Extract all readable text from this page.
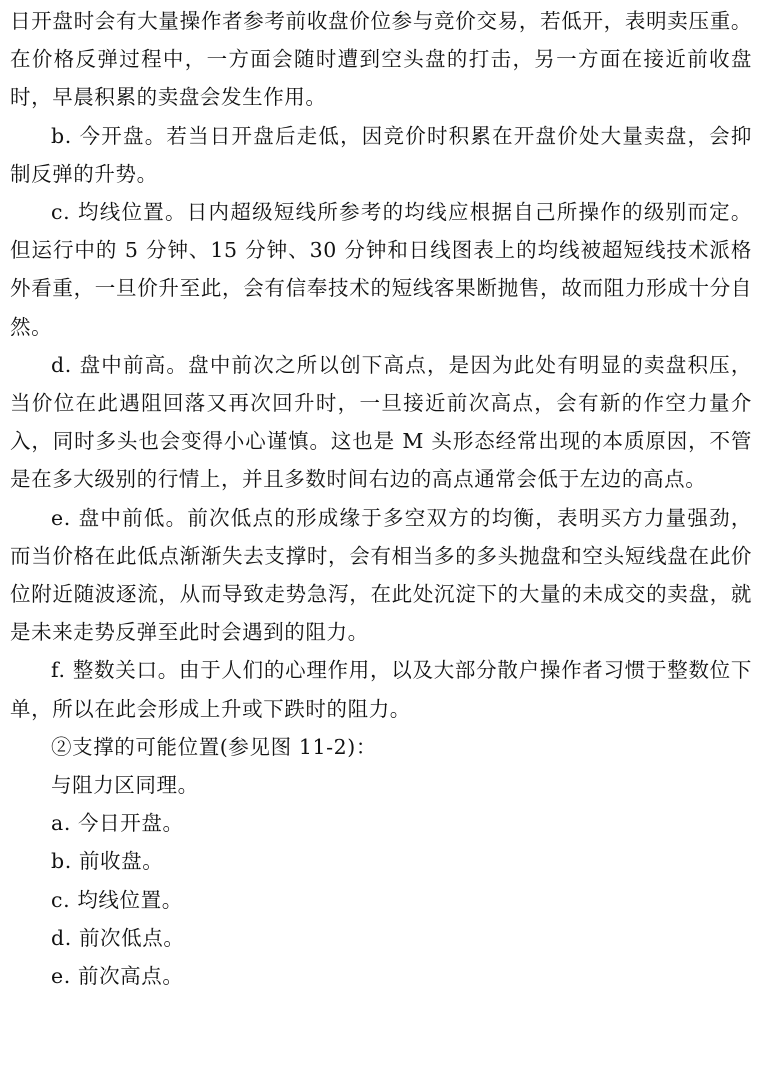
日开盘时会有大量操作者参考前收盘价位参与竞价交易，若低开，表明卖压重。在价格反弹过程中，一方面会随时遭到空头盘的打击，另一方面在接近前收盘时，早晨积累的卖盘会发生作用。

b. 今开盘。若当日开盘后走低，因竞价时积累在开盘价处大量卖盘，会抑制反弹的升势。

c. 均线位置。日内超级短线所参考的均线应根据自己所操作的级别而定。但运行中的 5 分钟、15 分钟、30 分钟和日线图表上的均线被超短线技术派格外看重，一旦价升至此，会有信奉技术的短线客果断抛售，故而阻力形成十分自然。

d. 盘中前高。盘中前次之所以创下高点，是因为此处有明显的卖盘积压，当价位在此遇阻回落又再次回升时，一旦接近前次高点，会有新的作空力量介入，同时多头也会变得小心谨慎。这也是 M 头形态经常出现的本质原因，不管是在多大级别的行情上，并且多数时间右边的高点通常会低于左边的高点。

e. 盘中前低。前次低点的形成缘于多空双方的均衡，表明买方力量强劲，而当价格在此低点渐渐失去支撑时，会有相当多的多头抛盘和空头短线盘在此价位附近随波逐流，从而导致走势急泻，在此处沉淀下的大量的未成交的卖盘，就是未来走势反弹至此时会遇到的阻力。

f. 整数关口。由于人们的心理作用，以及大部分散户操作者习惯于整数位下单，所以在此会形成上升或下跌时的阻力。

②支撑的可能位置(参见图 11-2)：

与阻力区同理。

a. 今日开盘。

b. 前收盘。

c. 均线位置。

d. 前次低点。

e. 前次高点。
